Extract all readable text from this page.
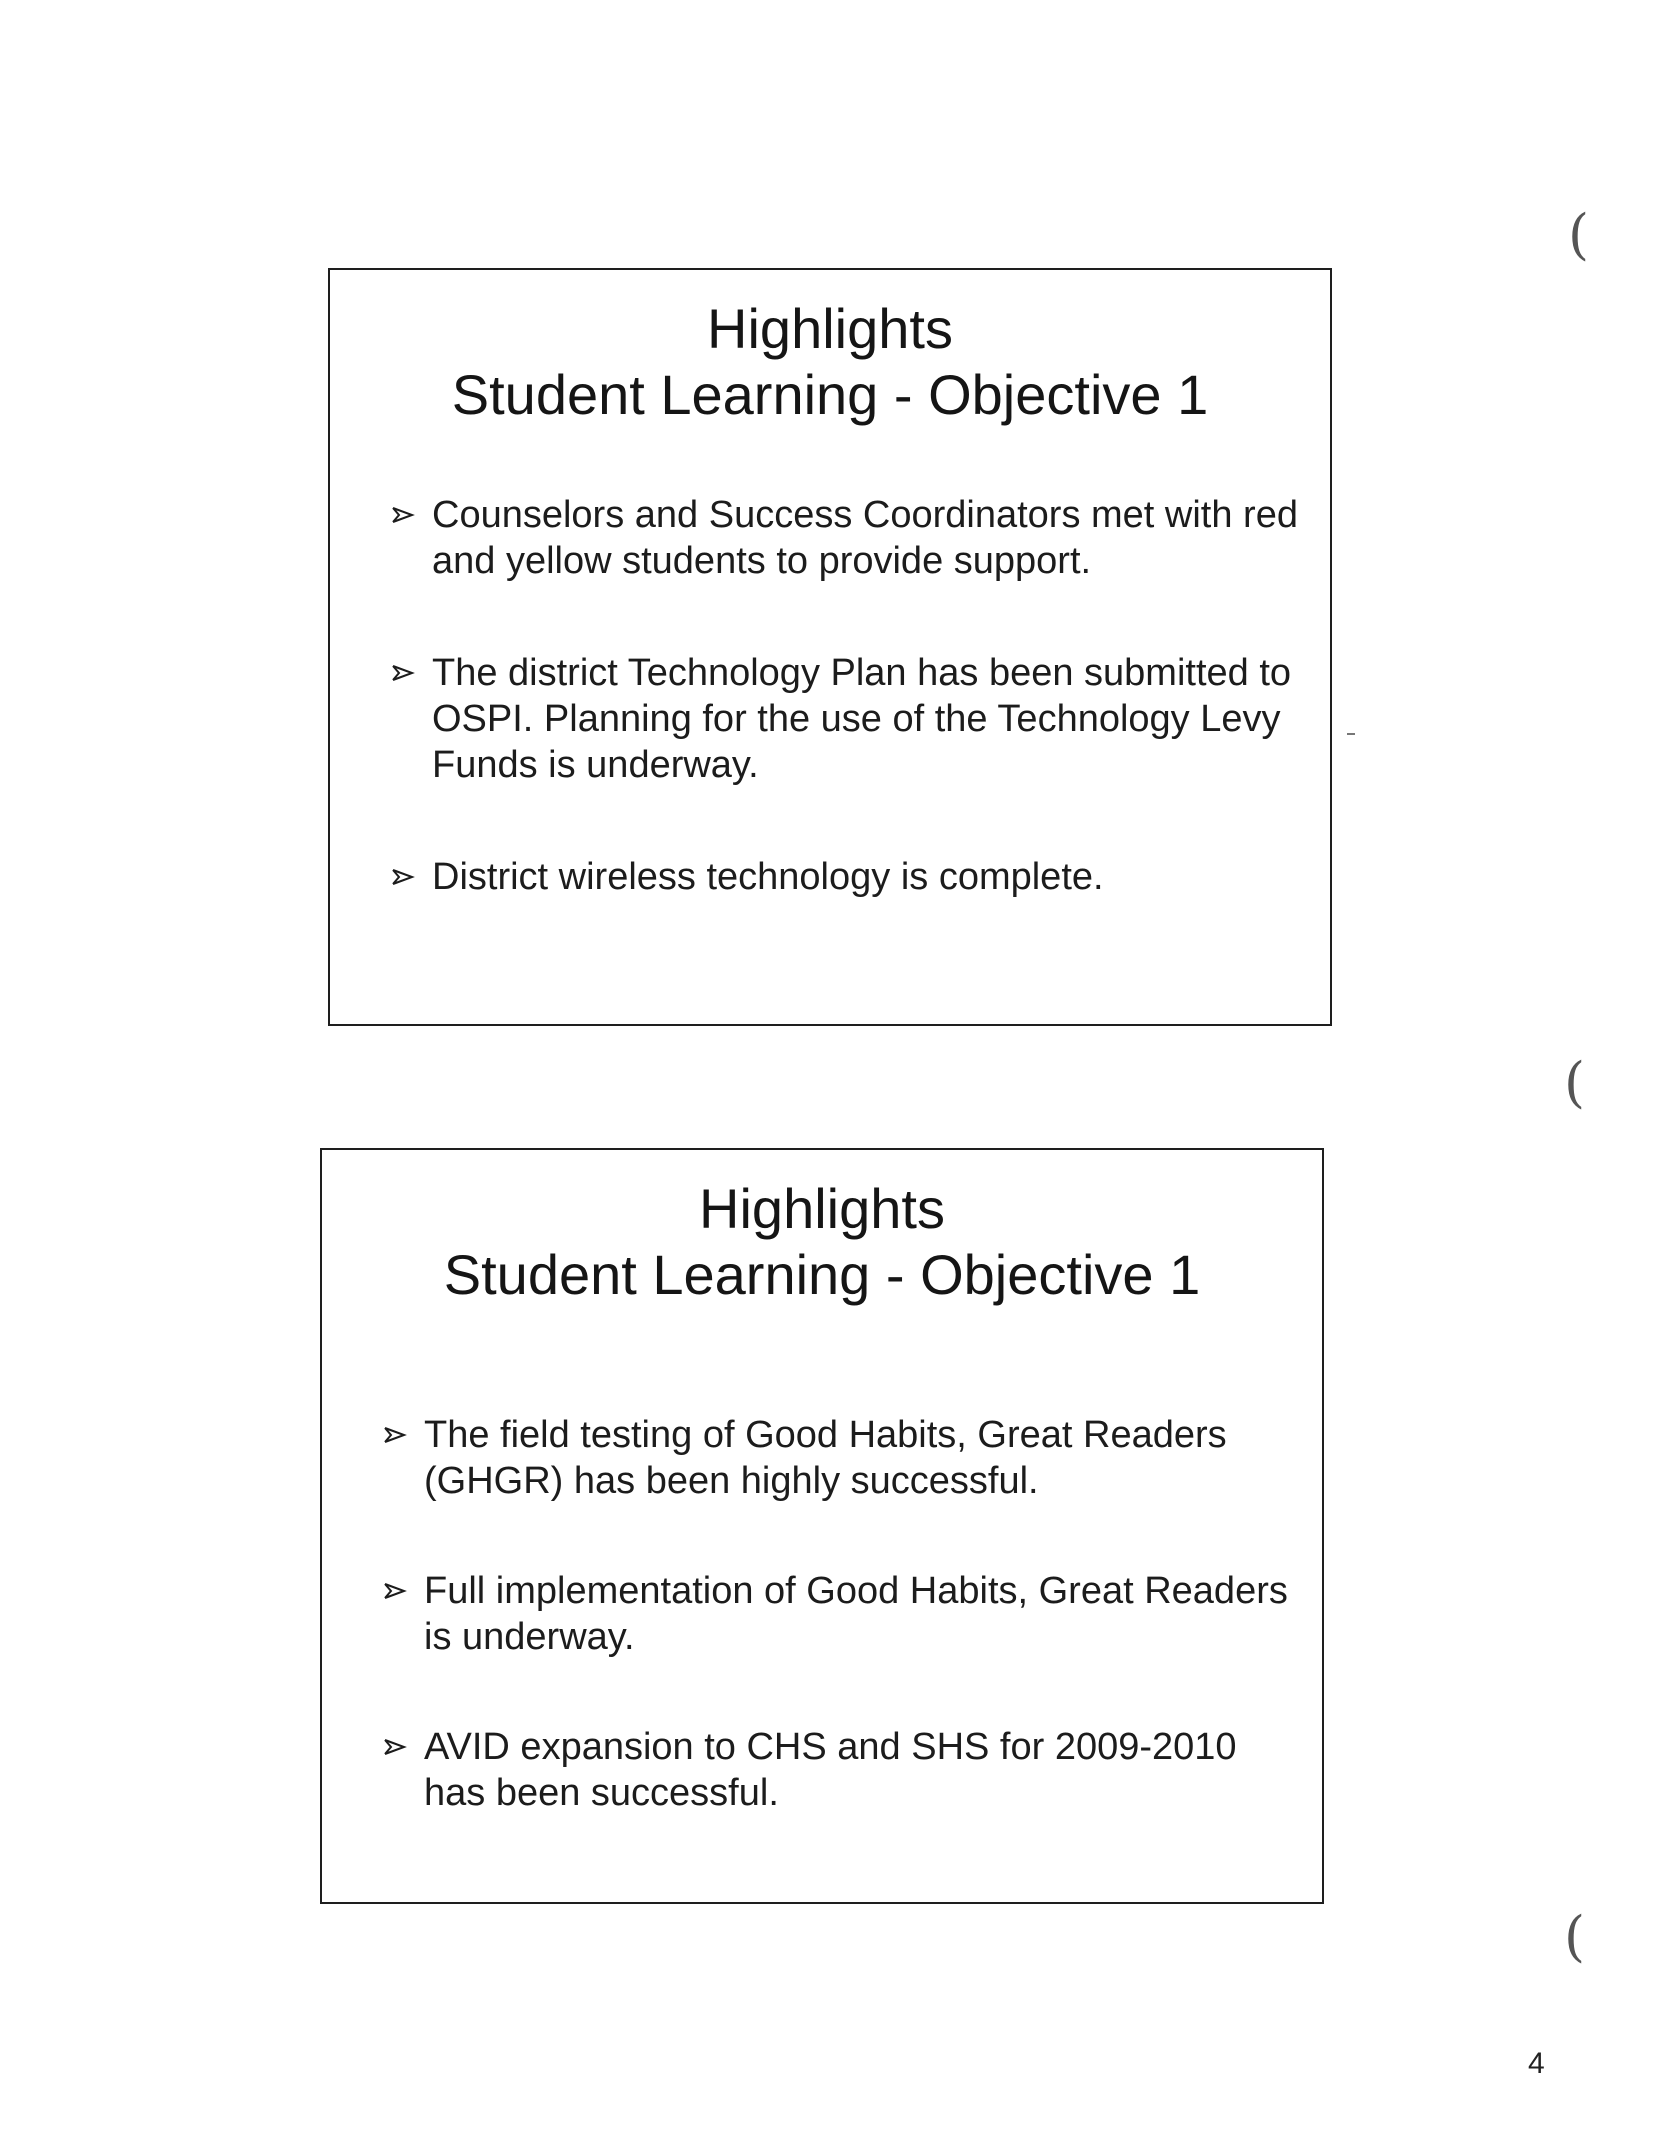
Highlights
Student Learning - Objective 1
Counselors and Success Coordinators met with red and yellow students to provide support.
The district Technology Plan has been submitted to OSPI. Planning for the use of the Technology Levy Funds is underway.
District wireless technology is complete.
Highlights
Student Learning - Objective 1
The field testing of Good Habits, Great Readers (GHGR) has been highly successful.
Full implementation of Good Habits, Great Readers is underway.
AVID expansion to CHS and SHS for 2009-2010 has been successful.
(
(
(
4
